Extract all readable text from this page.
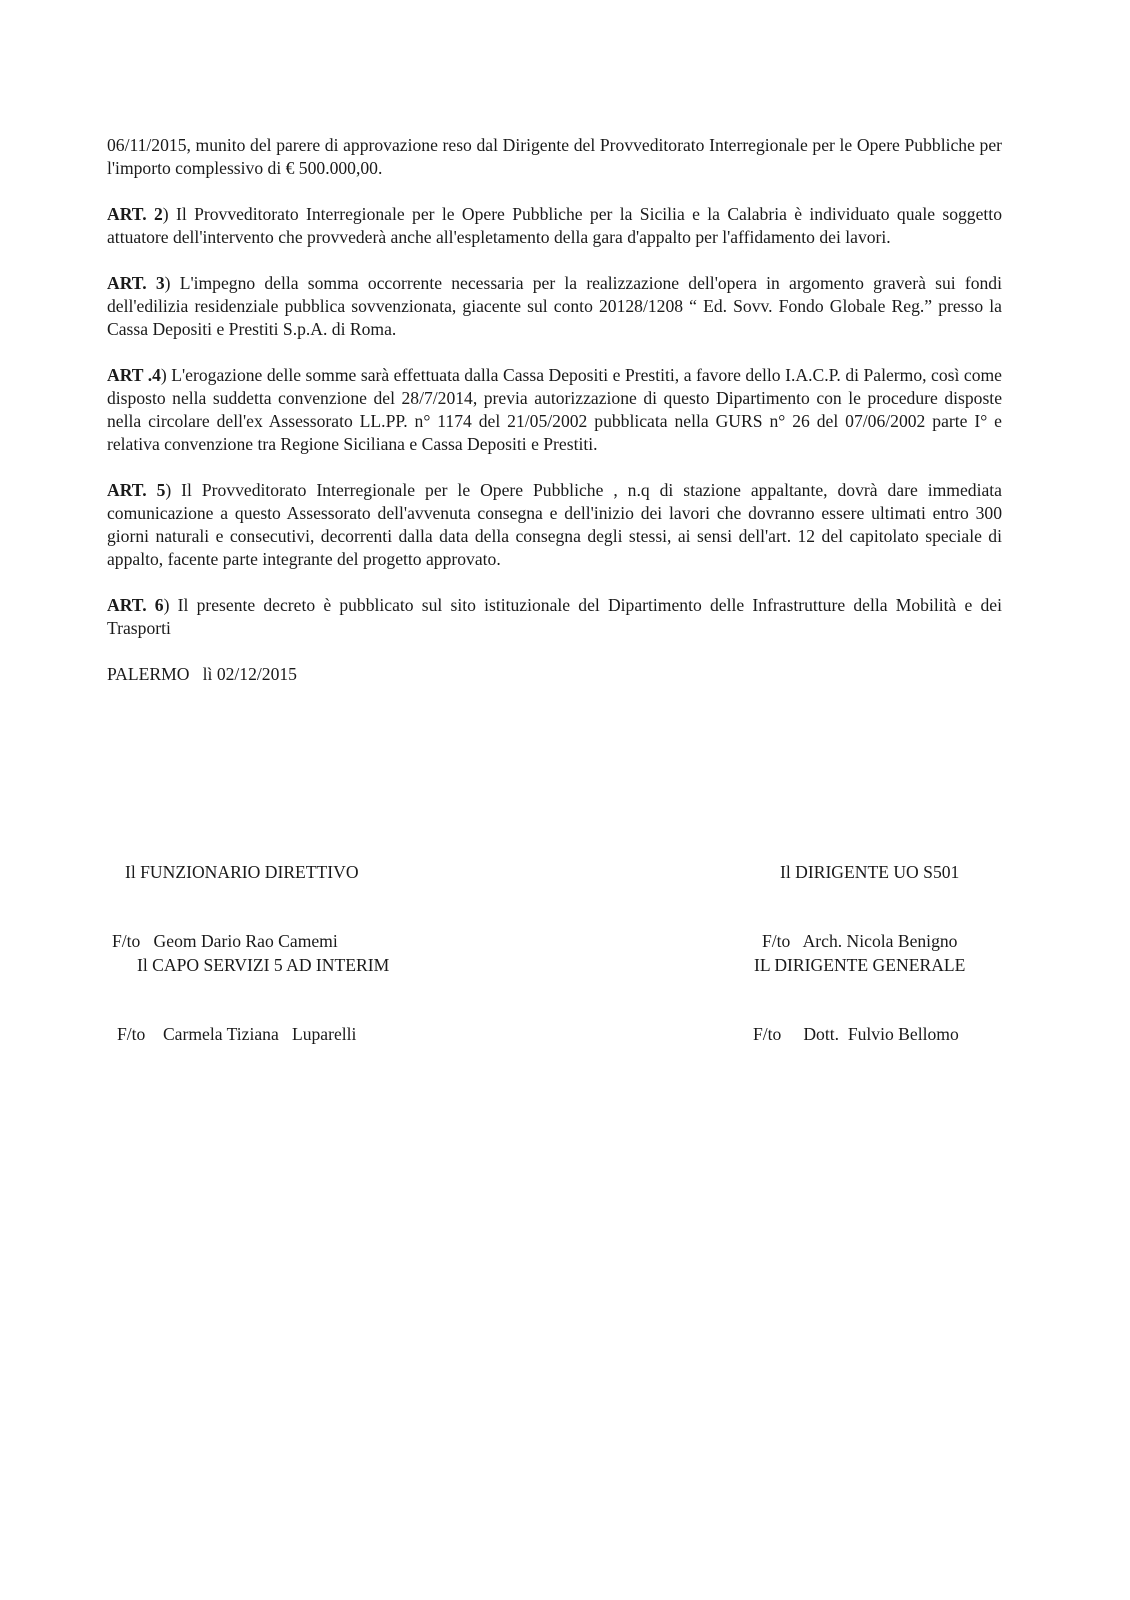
06/11/2015, munito del parere di approvazione reso dal Dirigente del Provveditorato Interregionale per le Opere Pubbliche per l'importo complessivo di € 500.000,00.

ART. 2) Il Provveditorato Interregionale per le Opere Pubbliche per la Sicilia e la Calabria è individuato quale soggetto attuatore dell'intervento che provvederà anche all'espletamento della gara d'appalto per l'affidamento dei lavori.

ART. 3) L'impegno della somma occorrente necessaria per la realizzazione dell'opera in argomento graverà sui fondi dell'edilizia residenziale pubblica sovvenzionata, giacente sul conto 20128/1208 “ Ed. Sovv. Fondo Globale Reg.” presso la Cassa Depositi e Prestiti S.p.A. di Roma.

ART .4) L'erogazione delle somme sarà effettuata dalla Cassa Depositi e Prestiti, a favore dello I.A.C.P. di Palermo, così come disposto nella suddetta convenzione del 28/7/2014, previa autorizzazione di questo Dipartimento con le procedure disposte nella circolare dell'ex Assessorato LL.PP. n° 1174 del 21/05/2002 pubblicata nella GURS n° 26 del 07/06/2002 parte I° e relativa convenzione tra Regione Siciliana e Cassa Depositi e Prestiti.

ART. 5) Il Provveditorato Interregionale per le Opere Pubbliche , n.q di stazione appaltante, dovrà dare immediata comunicazione a questo Assessorato dell'avvenuta consegna e dell'inizio dei lavori che dovranno essere ultimati entro 300 giorni naturali e consecutivi, decorrenti dalla data della consegna degli stessi, ai sensi dell'art. 12 del capitolato speciale di appalto, facente parte integrante del progetto approvato.

ART. 6) Il presente decreto è pubblicato sul sito istituzionale del Dipartimento delle Infrastrutture della Mobilità e dei Trasporti

PALERMO   lì 02/12/2015

Il FUNZIONARIO DIRETTIVO

F/to   Geom Dario Rao Camemi

Il DIRIGENTE UO S501

F/to   Arch. Nicola Benigno

Il CAPO SERVIZI 5 AD INTERIM

F/to    Carmela Tiziana   Luparelli

IL DIRIGENTE GENERALE

F/to     Dott.  Fulvio Bellomo
